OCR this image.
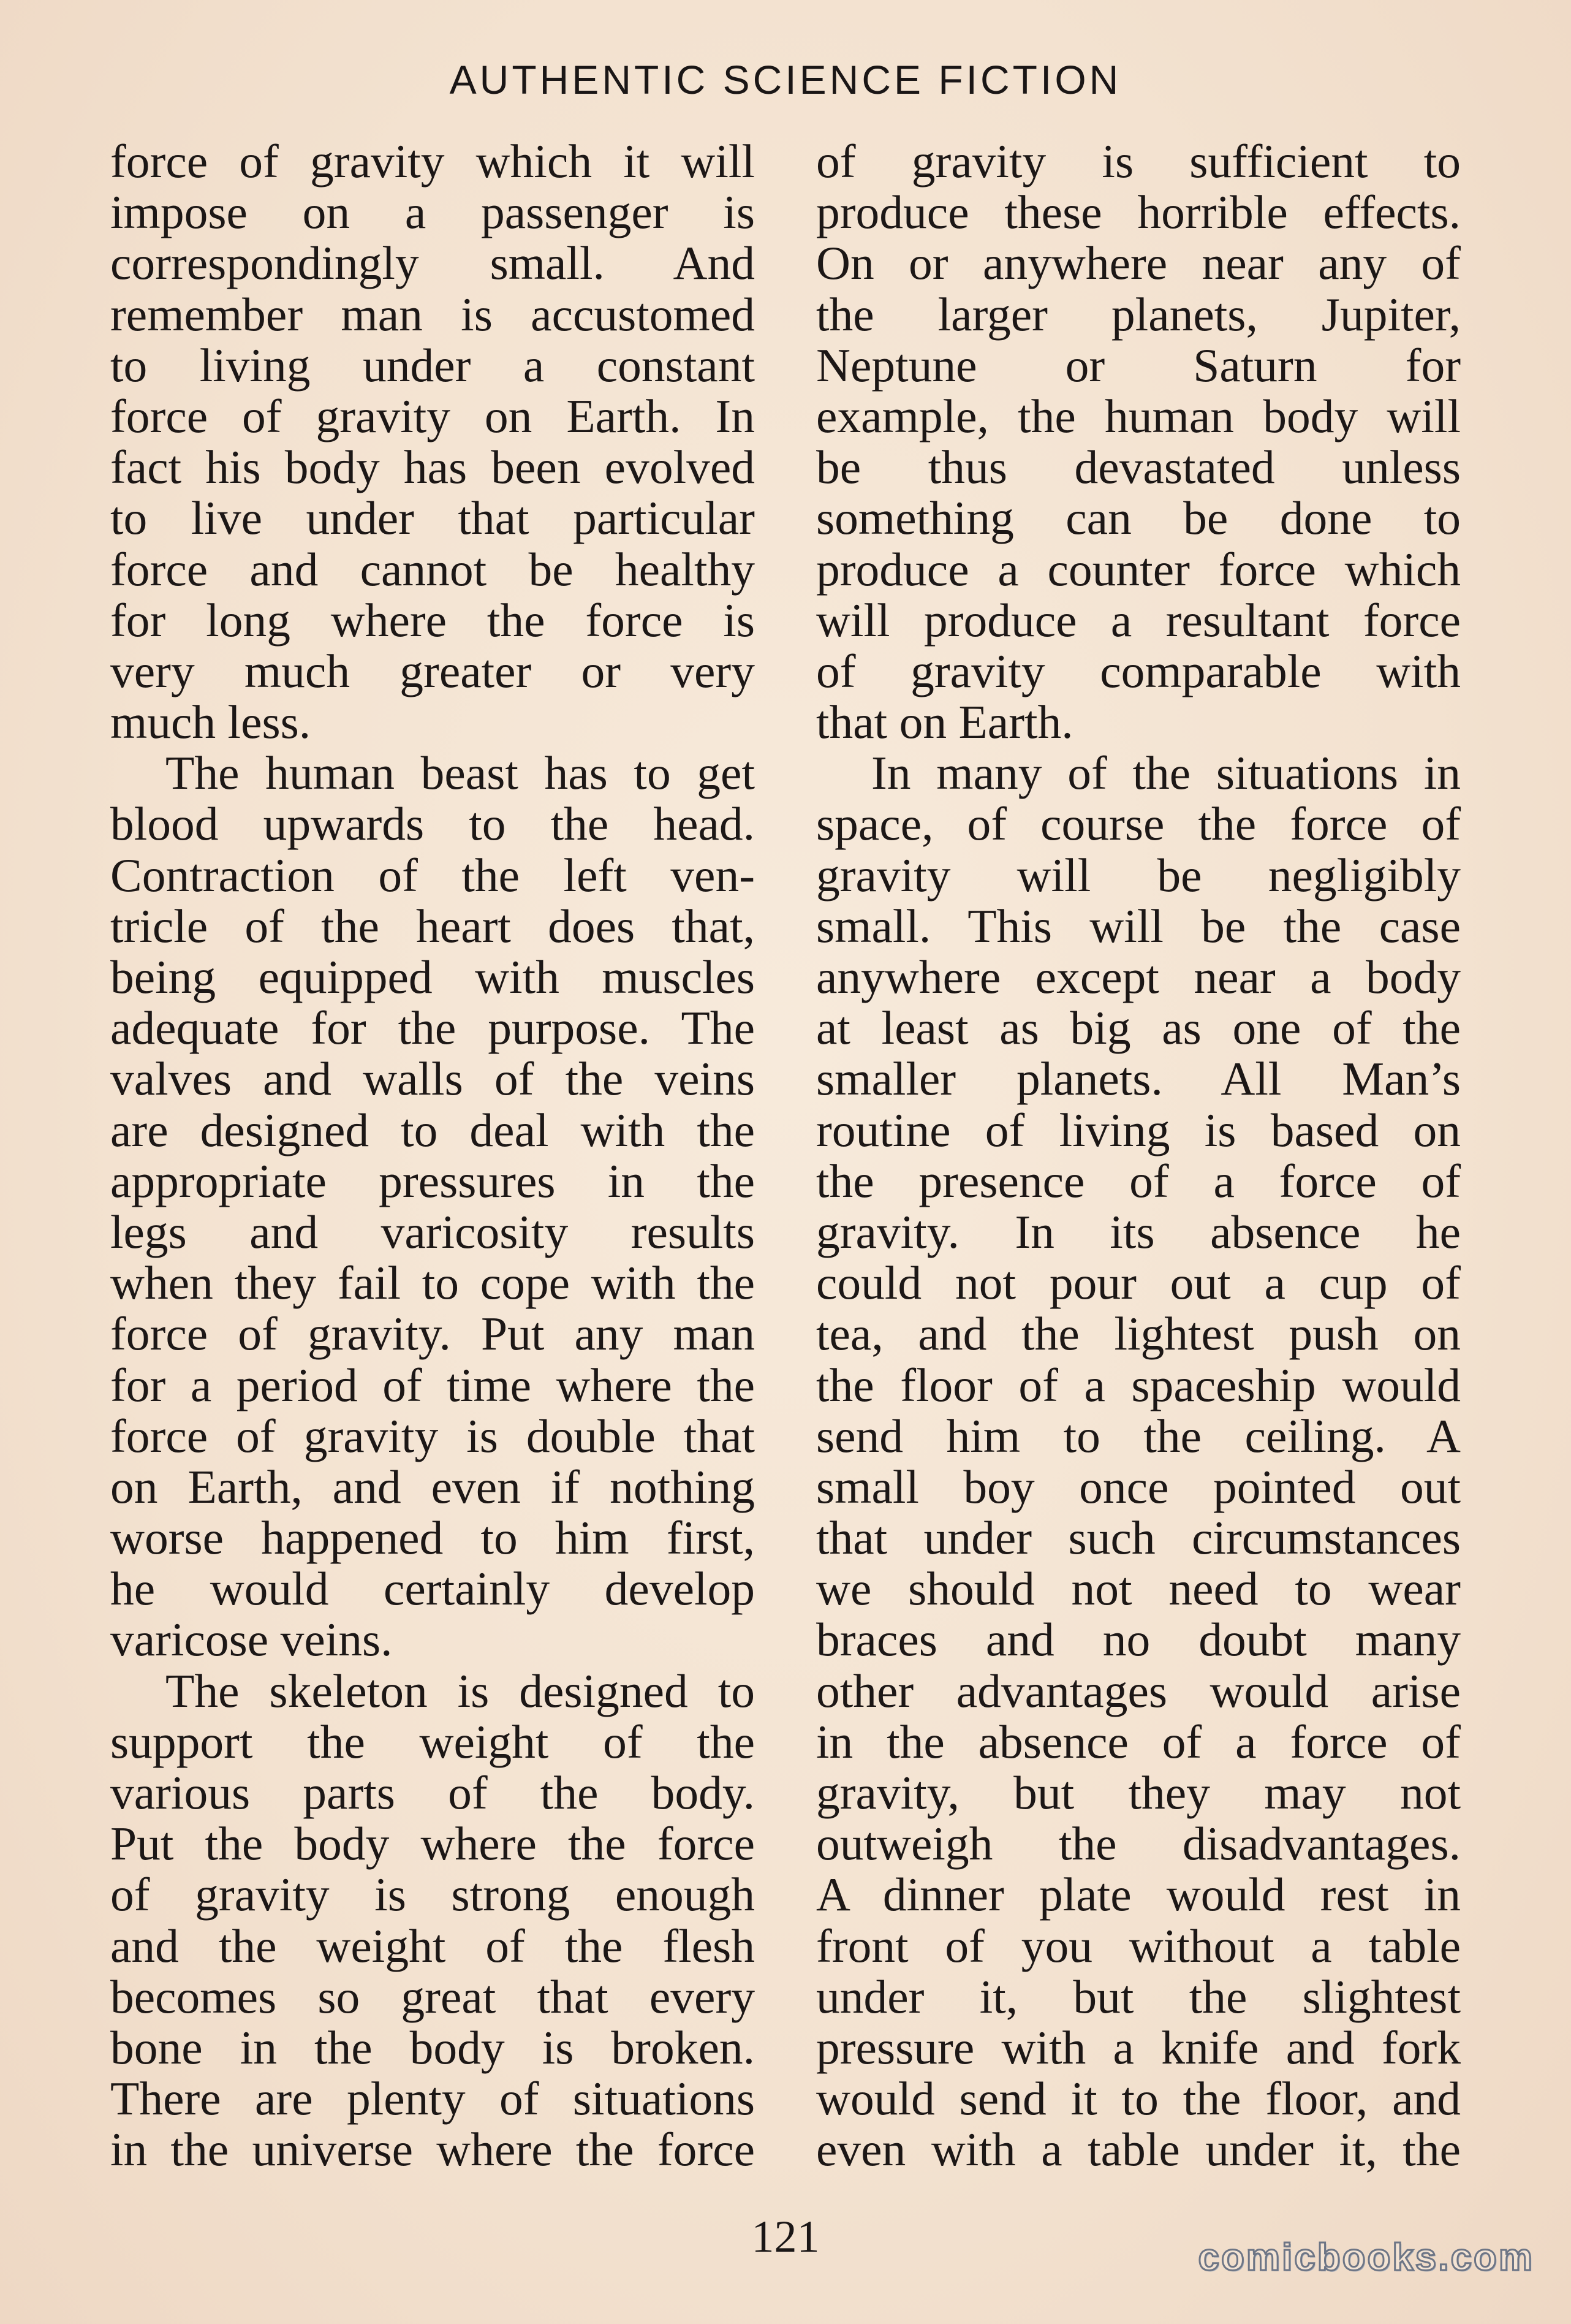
AUTHENTIC SCIENCE FICTION
force of gravity which it will
impose on a passenger is
correspondingly small. And
remember man is accustomed
to living under a constant
force of gravity on Earth. In
fact his body has been evolved
to live under that particular
force and cannot be healthy
for long where the force is
very much greater or very
much less.
The human beast has to get
blood upwards to the head.
Contraction of the left ven-
tricle of the heart does that,
being equipped with muscles
adequate for the purpose. The
valves and walls of the veins
are designed to deal with the
appropriate pressures in the
legs and varicosity results
when they fail to cope with the
force of gravity. Put any man
for a period of time where the
force of gravity is double that
on Earth, and even if nothing
worse happened to him first,
he would certainly develop
varicose veins.
The skeleton is designed to
support the weight of the
various parts of the body.
Put the body where the force
of gravity is strong enough
and the weight of the flesh
becomes so great that every
bone in the body is broken.
There are plenty of situations
in the universe where the force
of gravity is sufficient to
produce these horrible effects.
On or anywhere near any of
the larger planets, Jupiter,
Neptune or Saturn for
example, the human body will
be thus devastated unless
something can be done to
produce a counter force which
will produce a resultant force
of gravity comparable with
that on Earth.
In many of the situations in
space, of course the force of
gravity will be negligibly
small. This will be the case
anywhere except near a body
at least as big as one of the
smaller planets. All Man’s
routine of living is based on
the presence of a force of
gravity. In its absence he
could not pour out a cup of
tea, and the lightest push on
the floor of a spaceship would
send him to the ceiling. A
small boy once pointed out
that under such circumstances
we should not need to wear
braces and no doubt many
other advantages would arise
in the absence of a force of
gravity, but they may not
outweigh the disadvantages.
A dinner plate would rest in
front of you without a table
under it, but the slightest
pressure with a knife and fork
would send it to the floor, and
even with a table under it, the
121	comicbooks.com
